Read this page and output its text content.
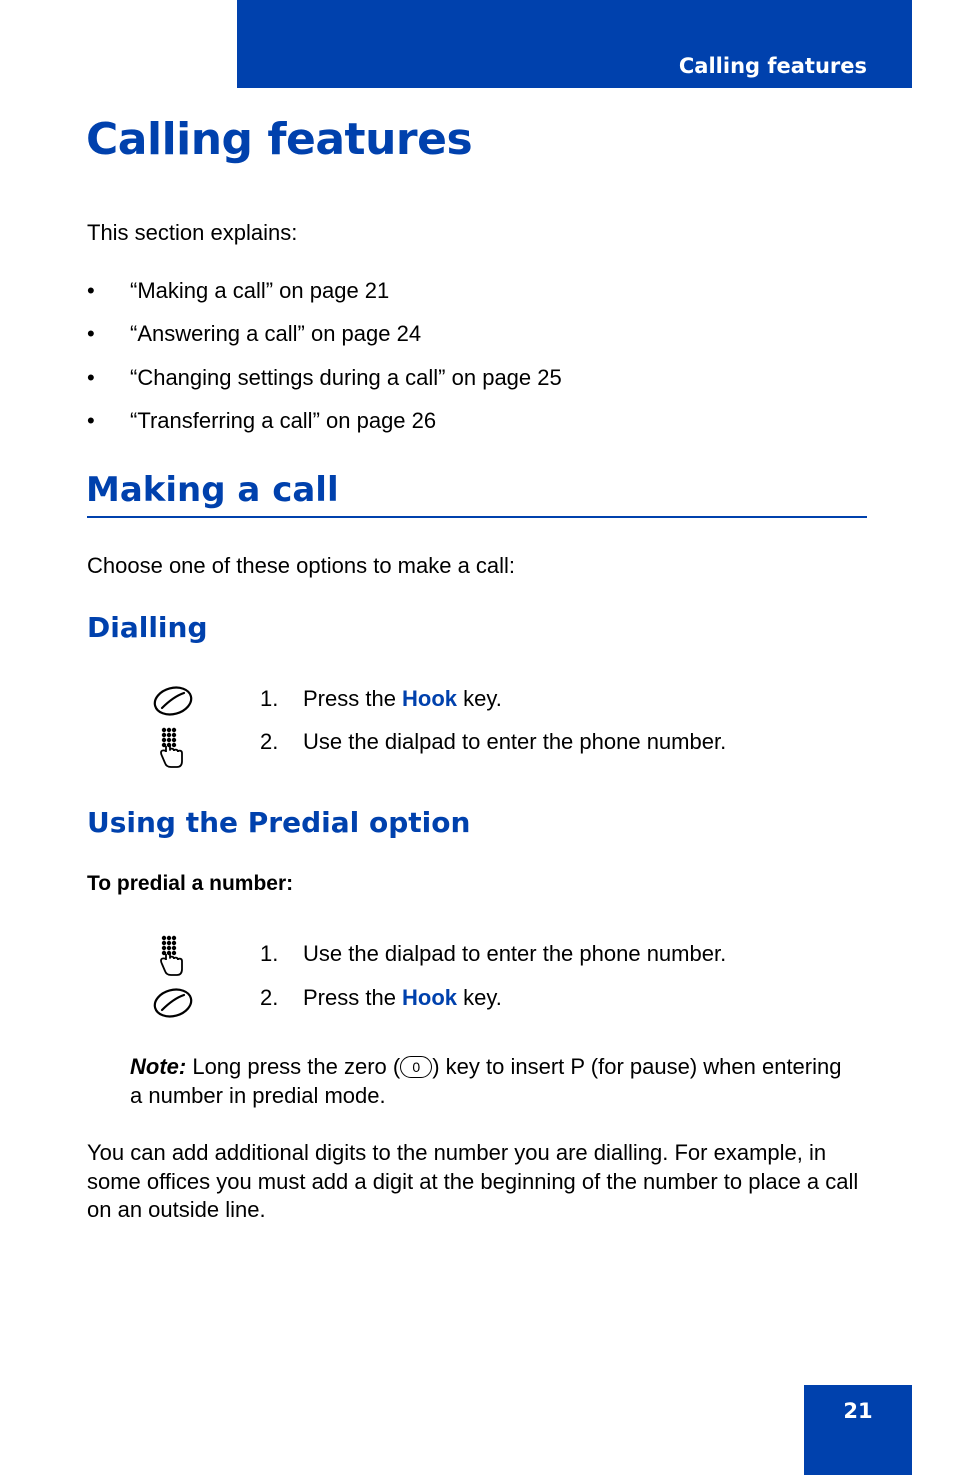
Calling features
Calling features

This section explains:

• “Making a call” on page 21
• “Answering a call” on page 24
• “Changing settings during a call” on page 25
• “Transferring a call” on page 26
Making a call

Choose one of these options to make a call:

Dialling
1. Press the Hook key.
2. Use the dialpad to enter the phone number.
Using the Predial option

To predial a number:

1. Use the dialpad to enter the phone number.
2. Press the Hook key.

Note: Long press the zero ( 0 ) key to insert P (for pause) when entering a number in predial mode.

You can add additional digits to the number you are dialling. For example, in some offices you must add a digit at the beginning of the number to place a call on an outside line.

21
